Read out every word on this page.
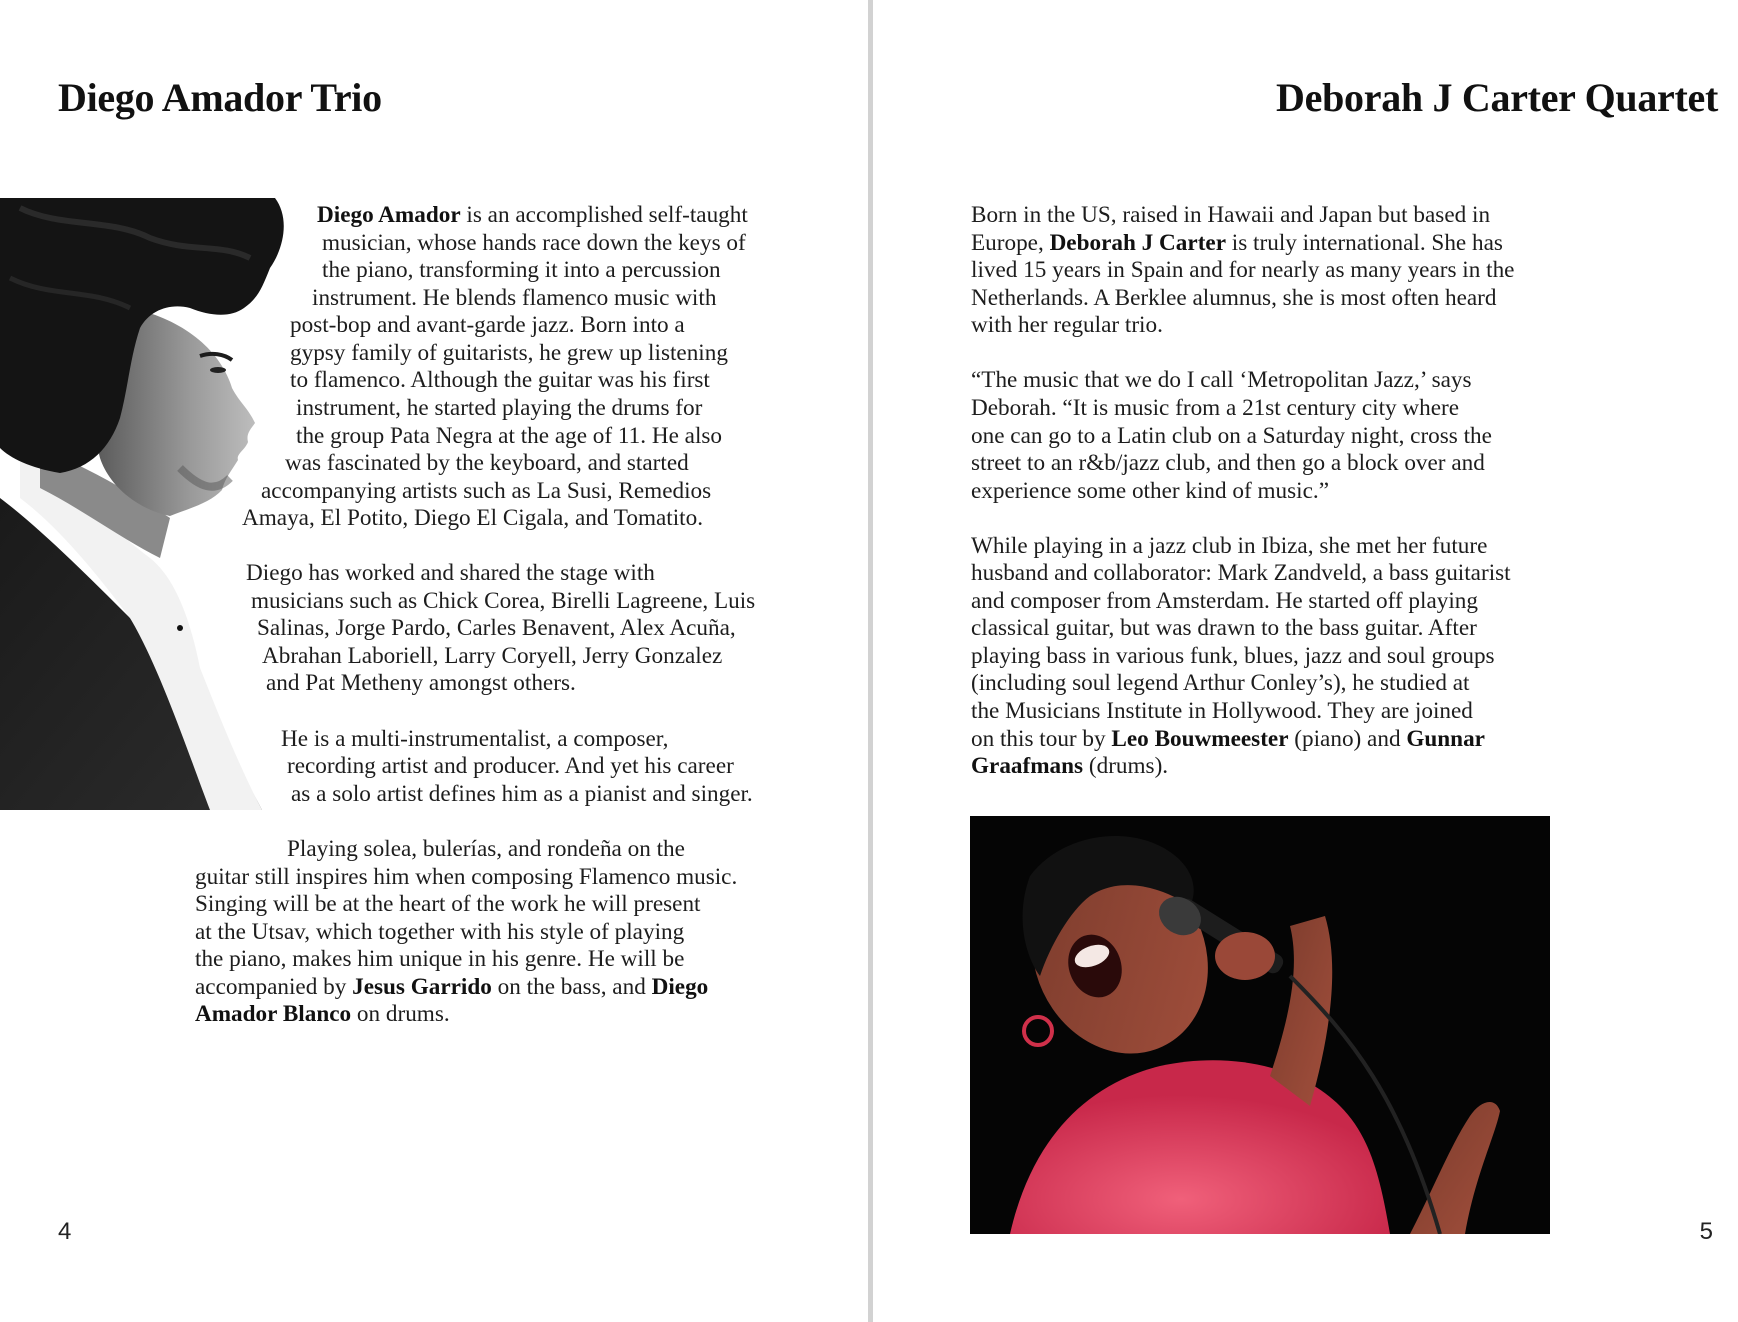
Diego Amador Trio
Diego Amador is an accomplished self-taught
musician, whose hands race down the keys of
the piano, transforming it into a percussion
instrument. He blends flamenco music with
post-bop and avant-garde jazz. Born into a
gypsy family of guitarists, he grew up listening
to flamenco. Although the guitar was his first
instrument, he started playing the drums for
the group Pata Negra at the age of 11. He also
was fascinated by the keyboard, and started
accompanying artists such as La Susi, Remedios
Amaya, El Potito, Diego El Cigala, and Tomatito.
Diego has worked and shared the stage with
musicians such as Chick Corea, Birelli Lagreene, Luis
Salinas, Jorge Pardo, Carles Benavent, Alex Acuña,
Abrahan Laboriell, Larry Coryell, Jerry Gonzalez
and Pat Metheny amongst others.
He is a multi-instrumentalist, a composer,
recording artist and producer. And yet his career
as a solo artist defines him as a pianist and singer.
Playing solea, bulerías, and rondeña on the
guitar still inspires him when composing Flamenco music.
Singing will be at the heart of the work he will present
at the Utsav, which together with his style of playing
the piano, makes him unique in his genre. He will be
accompanied by Jesus Garrido on the bass, and Diego
Amador Blanco on drums.
4
Deborah J Carter Quartet
Born in the US, raised in Hawaii and Japan but based in
Europe, Deborah J Carter is truly international. She has
lived 15 years in Spain and for nearly as many years in the
Netherlands. A Berklee alumnus, she is most often heard
with her regular trio.
“The music that we do I call ‘Metropolitan Jazz,’ says
Deborah. “It is music from a 21st century city where
one can go to a Latin club on a Saturday night, cross the
street to an r&b/jazz club, and then go a block over and
experience some other kind of music.”
While playing in a jazz club in Ibiza, she met her future
husband and collaborator: Mark Zandveld, a bass guitarist
and composer from Amsterdam. He started off playing
classical guitar, but was drawn to the bass guitar. After
playing bass in various funk, blues, jazz and soul groups
(including soul legend Arthur Conley’s), he studied at
the Musicians Institute in Hollywood. They are joined
on this tour by Leo Bouwmeester (piano) and Gunnar
Graafmans (drums).
5
